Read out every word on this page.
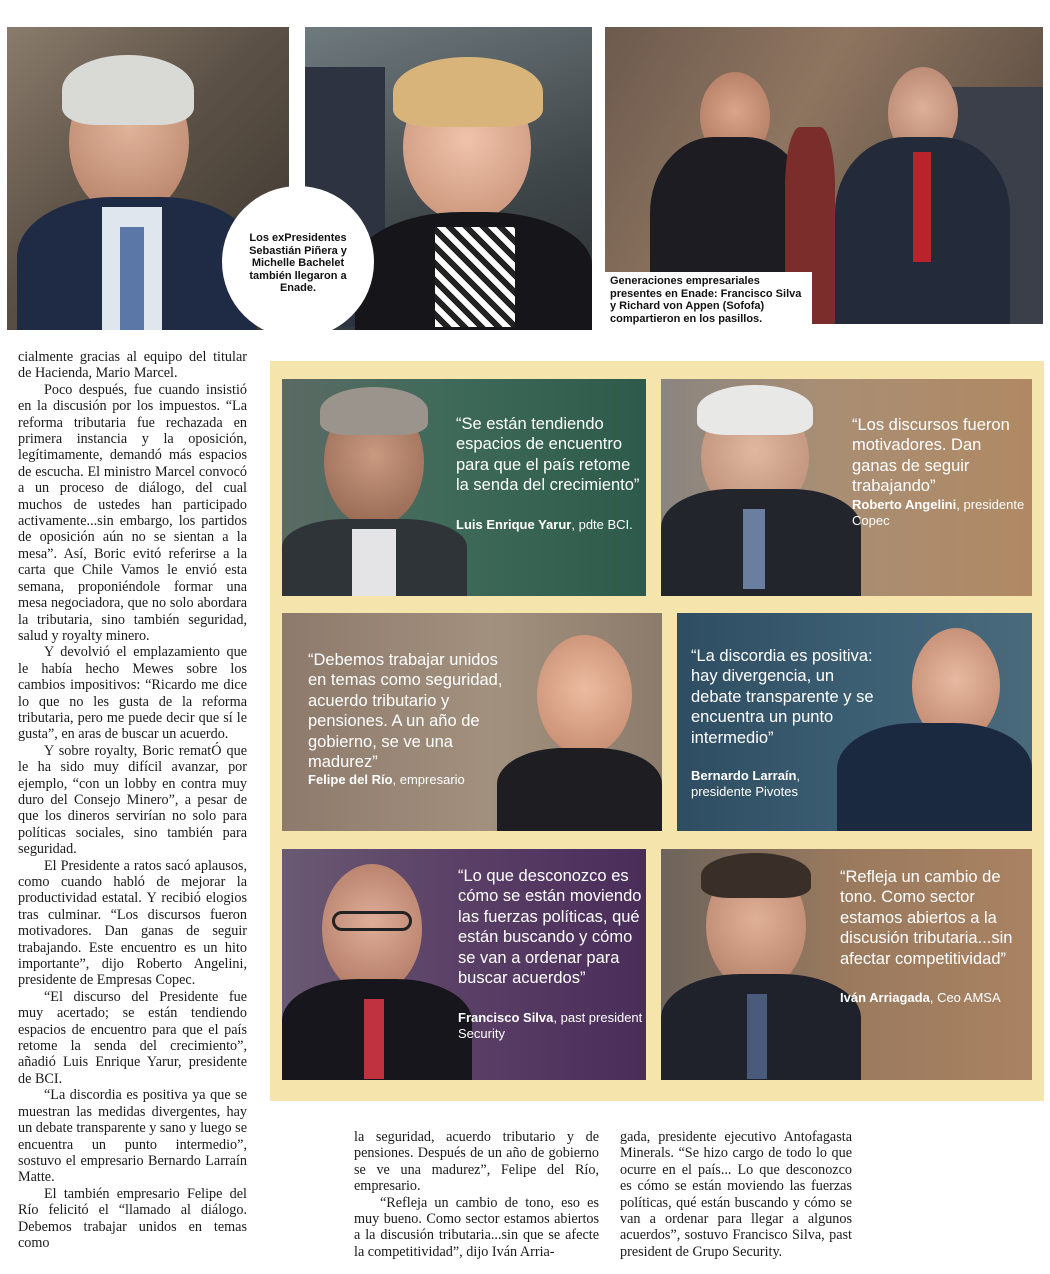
Los exPresidentes Sebastián Piñera y Michelle Bachelet también llegaron a Enade.
Generaciones empresariales presentes en Enade: Francisco Silva y Richard von Appen (Sofofa) compartieron en los pasillos.

cialmente gracias al equipo del titular de Hacienda, Mario Marcel.

Poco después, fue cuando insistió en la discusión por los impuestos. “La reforma tributaria fue rechazada en primera instancia y la oposición, legítimamente, demandó más espacios de escucha. El ministro Marcel convocó a un proceso de diálogo, del cual muchos de ustedes han participado activamente...sin embargo, los partidos de oposición aún no se sientan a la mesa”. Así, Boric evitó referirse a la carta que Chile Vamos le envió esta semana, proponiéndole formar una mesa negociadora, que no solo abordara la tributaria, sino también seguridad, salud y royalty minero.

Y devolvió el emplazamiento que le había hecho Mewes sobre los cambios impositivos: “Ricardo me dice lo que no les gusta de la reforma tributaria, pero me puede decir que sí le gusta”, en aras de buscar un acuerdo.

Y sobre royalty, Boric rematÓ que le ha sido muy difícil avanzar, por ejemplo, “con un lobby en contra muy duro del Consejo Minero”, a pesar de que los dineros servirían no solo para políticas sociales, sino también para seguridad.

El Presidente a ratos sacó aplausos, como cuando habló de mejorar la productividad estatal. Y recibió elogios tras culminar. “Los discursos fueron motivadores. Dan ganas de seguir trabajando. Este encuentro es un hito importante”, dijo Roberto Angelini, presidente de Empresas Copec.

“El discurso del Presidente fue muy acertado; se están tendiendo espacios de encuentro para que el país retome la senda del crecimiento”, añadió Luis Enrique Yarur, presidente de BCI.

“La discordia es positiva ya que se muestran las medidas divergentes, hay un debate transparente y sano y luego se encuentra un punto intermedio”, sostuvo el empresario Bernardo Larraín Matte.

El también empresario Felipe del Río felicitó el “llamado al diálogo. Debemos trabajar unidos en temas como

“Se están tendiendo espacios de encuentro para que el país retome la senda del crecimiento”
Luis Enrique Yarur, pdte BCI.
“Los discursos fueron motivadores. Dan ganas de seguir trabajando”
Roberto Angelini, presidente Copec
“Debemos trabajar unidos en temas como seguridad, acuerdo tributario y pensiones. A un año de gobierno, se ve una madurez”
Felipe del Río, empresario
“La discordia es positiva: hay divergencia, un debate transparente y se encuentra un punto intermedio”
Bernardo Larraín, presidente Pivotes
“Lo que desconozco es cómo se están moviendo las fuerzas políticas, qué están buscando y cómo se van a ordenar para buscar acuerdos”
Francisco Silva, past president Security
“Refleja un cambio de tono. Como sector estamos abiertos a la discusión tributaria...sin afectar competitividad”
Iván Arriagada, Ceo AMSA

la seguridad, acuerdo tributario y de pensiones. Después de un año de gobierno se ve una madurez”, Felipe del Río, empresario.

“Refleja un cambio de tono, eso es muy bueno. Como sector estamos abiertos a la discusión tributaria...sin que se afecte la competitividad”, dijo Iván Arria-

gada, presidente ejecutivo Antofagasta Minerals. “Se hizo cargo de todo lo que ocurre en el país... Lo que desconozco es cómo se están moviendo las fuerzas políticas, qué están buscando y cómo se van a ordenar para llegar a algunos acuerdos”, sostuvo Francisco Silva, past president de Grupo Security.
